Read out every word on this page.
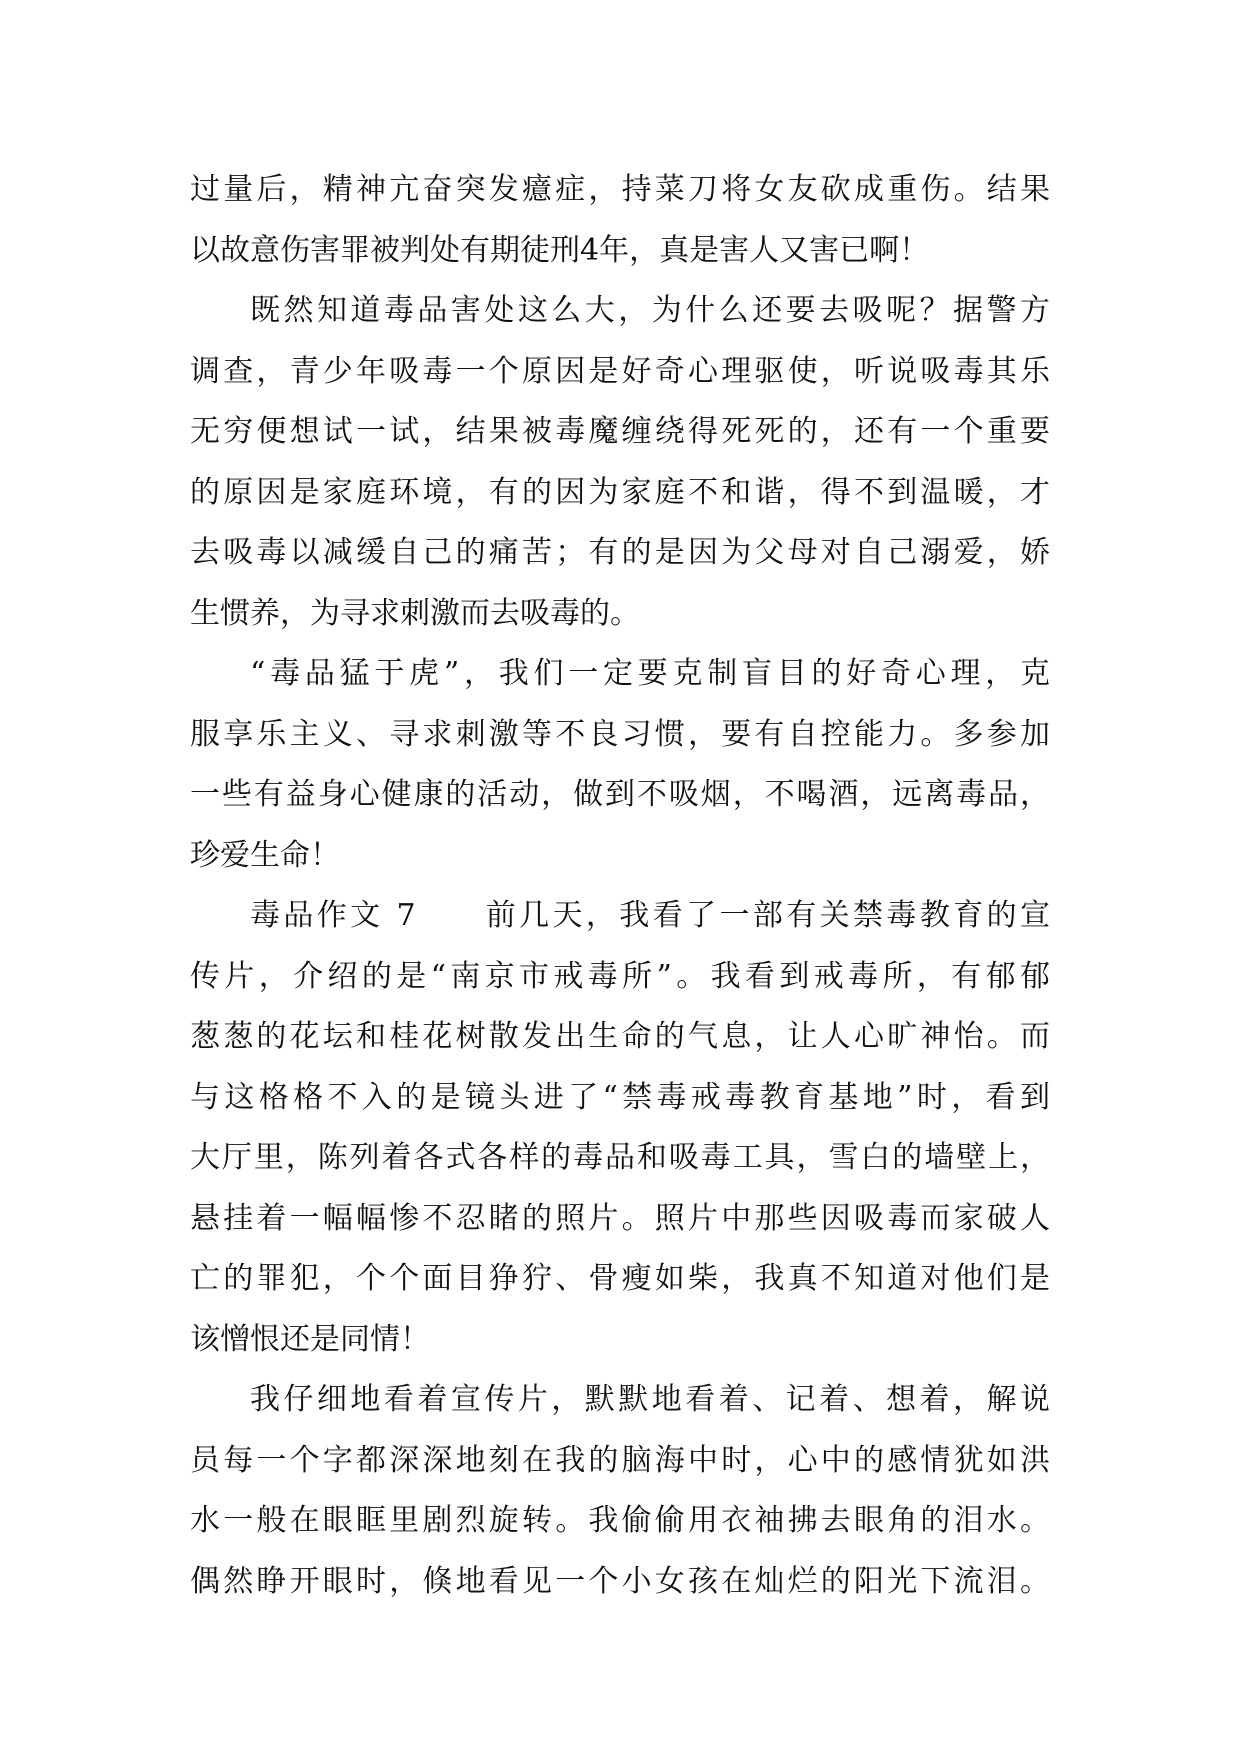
过量后，精神亢奋突发癔症，持菜刀将女友砍成重伤。结果
以故意伤害罪被判处有期徒刑4年，真是害人又害已啊！
既然知道毒品害处这么大，为什么还要去吸呢？据警方
调查，青少年吸毒一个原因是好奇心理驱使，听说吸毒其乐
无穷便想试一试，结果被毒魔缠绕得死死的，还有一个重要
的原因是家庭环境，有的因为家庭不和谐，得不到温暖，才
去吸毒以减缓自己的痛苦；有的是因为父母对自己溺爱，娇
生惯养，为寻求刺激而去吸毒的。
“毒品猛于虎”，我们一定要克制盲目的好奇心理，克
服享乐主义、寻求刺激等不良习惯，要有自控能力。多参加
一些有益身心健康的活动，做到不吸烟，不喝酒，远离毒品，
珍爱生命！
毒品作文 7　　前几天，我看了一部有关禁毒教育的宣
传片，介绍的是“南京市戒毒所”。我看到戒毒所，有郁郁
葱葱的花坛和桂花树散发出生命的气息，让人心旷神怡。而
与这格格不入的是镜头进了“禁毒戒毒教育基地”时，看到
大厅里，陈列着各式各样的毒品和吸毒工具，雪白的墙壁上，
悬挂着一幅幅惨不忍睹的照片。照片中那些因吸毒而家破人
亡的罪犯，个个面目狰狞、骨瘦如柴，我真不知道对他们是
该憎恨还是同情！
我仔细地看着宣传片，默默地看着、记着、想着，解说
员每一个字都深深地刻在我的脑海中时，心中的感情犹如洪
水一般在眼眶里剧烈旋转。我偷偷用衣袖拂去眼角的泪水。
偶然睁开眼时，倏地看见一个小女孩在灿烂的阳光下流泪。
